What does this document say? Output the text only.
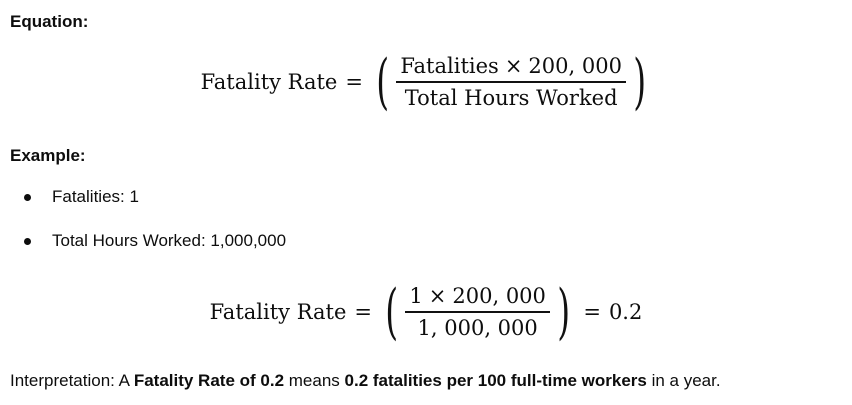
Equation:
Fatality Rate = ( $\frac{\text{Fatalities × 200, 000}}{\text{Total Hours Worked}}$ )
Example:
Fatalities: 1
Total Hours Worked: 1,000,000
Fatality Rate = ( $\frac{1 \times 200, 000}{1, 000, 000}$ ) = 0.2

Interpretation: A Fatality Rate of 0.2 means 0.2 fatalities per 100 full-time workers in a year.
